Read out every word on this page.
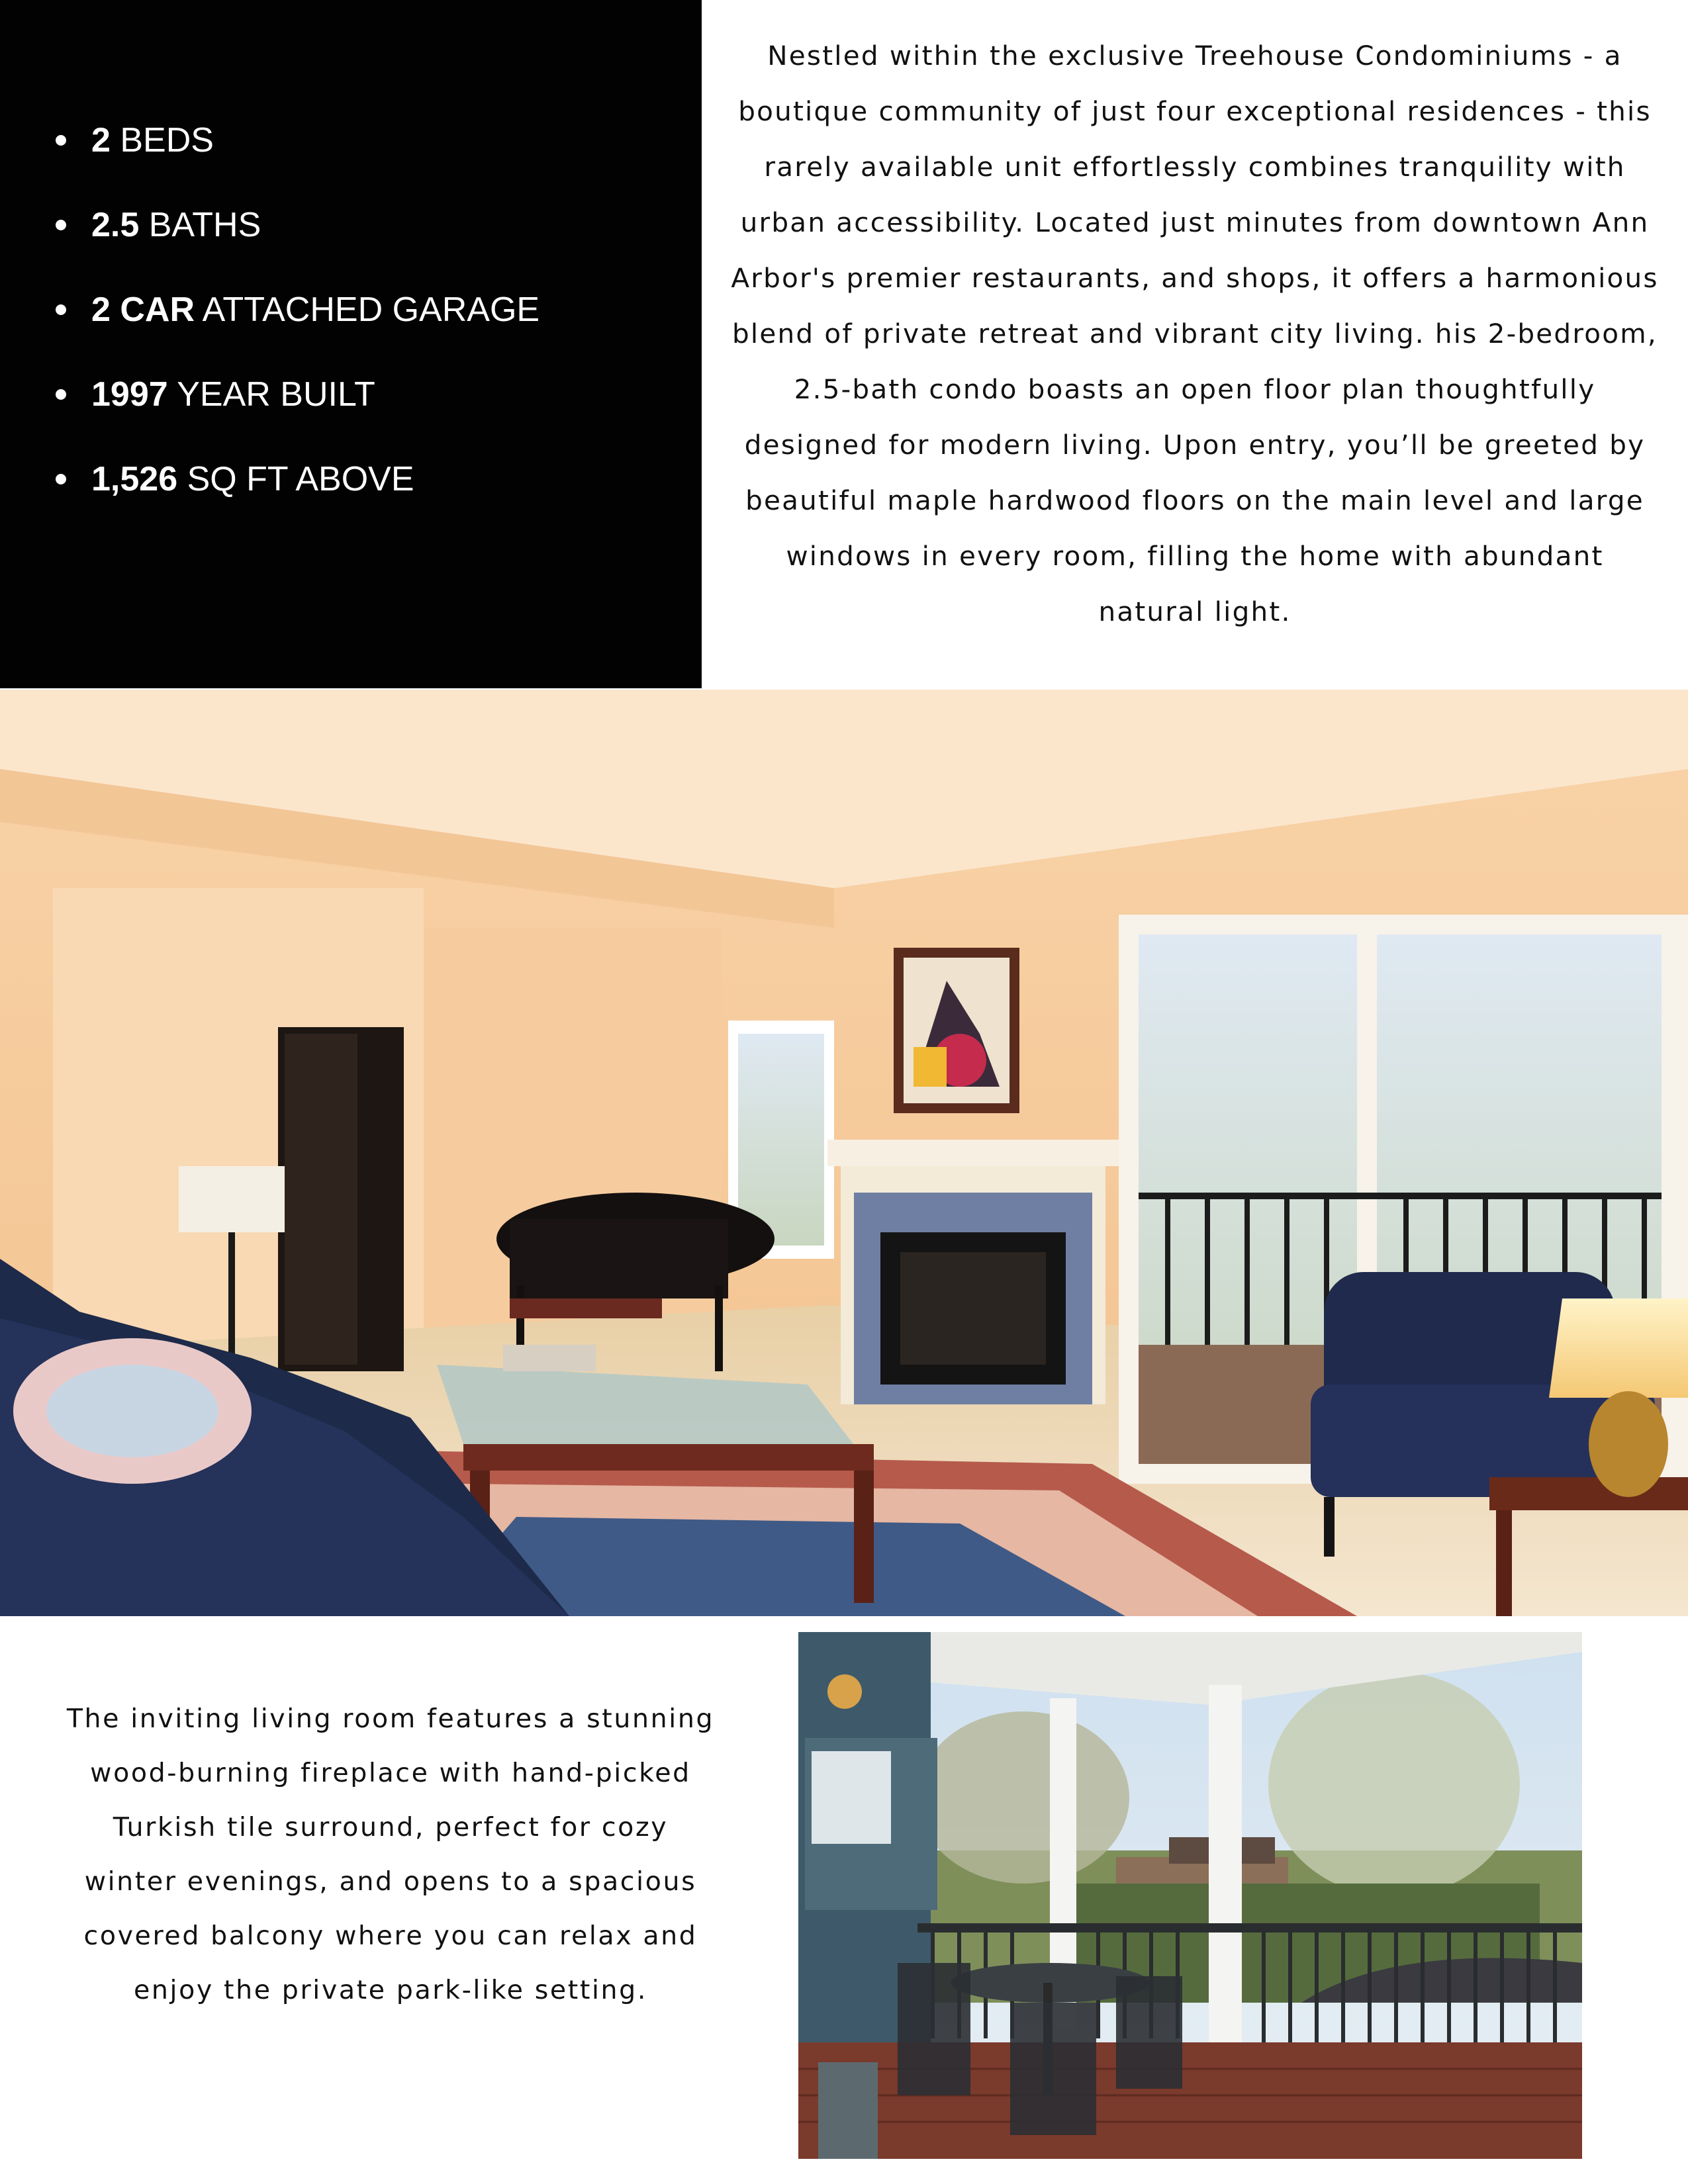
2 BEDS
2.5 BATHS
2 CAR ATTACHED GARAGE
1997 YEAR BUILT
1,526 SQ FT ABOVE

Nestled within the exclusive Treehouse Condominiums - a boutique community of just four exceptional residences - this rarely available unit effortlessly combines tranquility with urban accessibility. Located just minutes from downtown Ann Arbor's premier restaurants, and shops, it offers a harmonious blend of private retreat and vibrant city living. his 2-bedroom, 2.5-bath condo boasts an open floor plan thoughtfully designed for modern living. Upon entry, you’ll be greeted by beautiful maple hardwood floors on the main level and large windows in every room, filling the home with abundant natural light.

The inviting living room features a stunning wood-burning fireplace with hand-picked Turkish tile surround, perfect for cozy winter evenings, and opens to a spacious covered balcony where you can relax and enjoy the private park-like setting.
